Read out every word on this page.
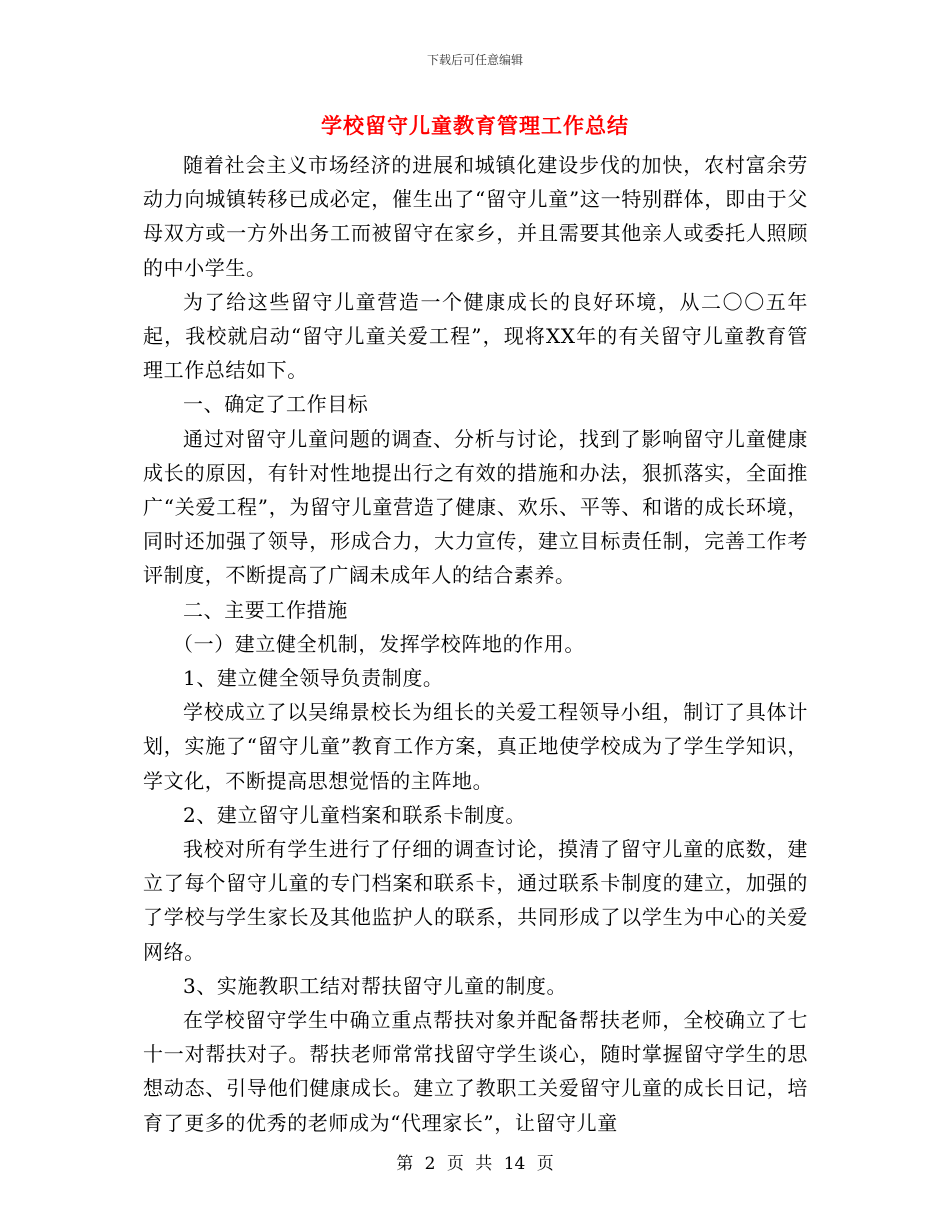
下载后可任意编辑
学校留守儿童教育管理工作总结

随着社会主义市场经济的进展和城镇化建设步伐的加快，农村富余劳动力向城镇转移已成必定，催生出了“留守儿童”这一特别群体，即由于父母双方或一方外出务工而被留守在家乡，并且需要其他亲人或委托人照顾的中小学生。

为了给这些留守儿童营造一个健康成长的良好环境，从二〇〇五年起，我校就启动“留守儿童关爱工程”，现将XX年的有关留守儿童教育管理工作总结如下。

一、确定了工作目标

通过对留守儿童问题的调查、分析与讨论，找到了影响留守儿童健康成长的原因，有针对性地提出行之有效的措施和办法，狠抓落实，全面推广“关爱工程”，为留守儿童营造了健康、欢乐、平等、和谐的成长环境，同时还加强了领导，形成合力，大力宣传，建立目标责任制，完善工作考评制度，不断提高了广阔未成年人的结合素养。

二、主要工作措施

（一）建立健全机制，发挥学校阵地的作用。

1、建立健全领导负责制度。

学校成立了以吴绵景校长为组长的关爱工程领导小组，制订了具体计划，实施了“留守儿童”教育工作方案，真正地使学校成为了学生学知识，学文化，不断提高思想觉悟的主阵地。

2、建立留守儿童档案和联系卡制度。

我校对所有学生进行了仔细的调查讨论，摸清了留守儿童的底数，建立了每个留守儿童的专门档案和联系卡，通过联系卡制度的建立，加强的了学校与学生家长及其他监护人的联系，共同形成了以学生为中心的关爱网络。

3、实施教职工结对帮扶留守儿童的制度。

在学校留守学生中确立重点帮扶对象并配备帮扶老师，全校确立了七十一对帮扶对子。帮扶老师常常找留守学生谈心，随时掌握留守学生的思想动态、引导他们健康成长。建立了教职工关爱留守儿童的成长日记，培育了更多的优秀的老师成为“代理家长”，让留守儿童

第 2 页 共 14 页
